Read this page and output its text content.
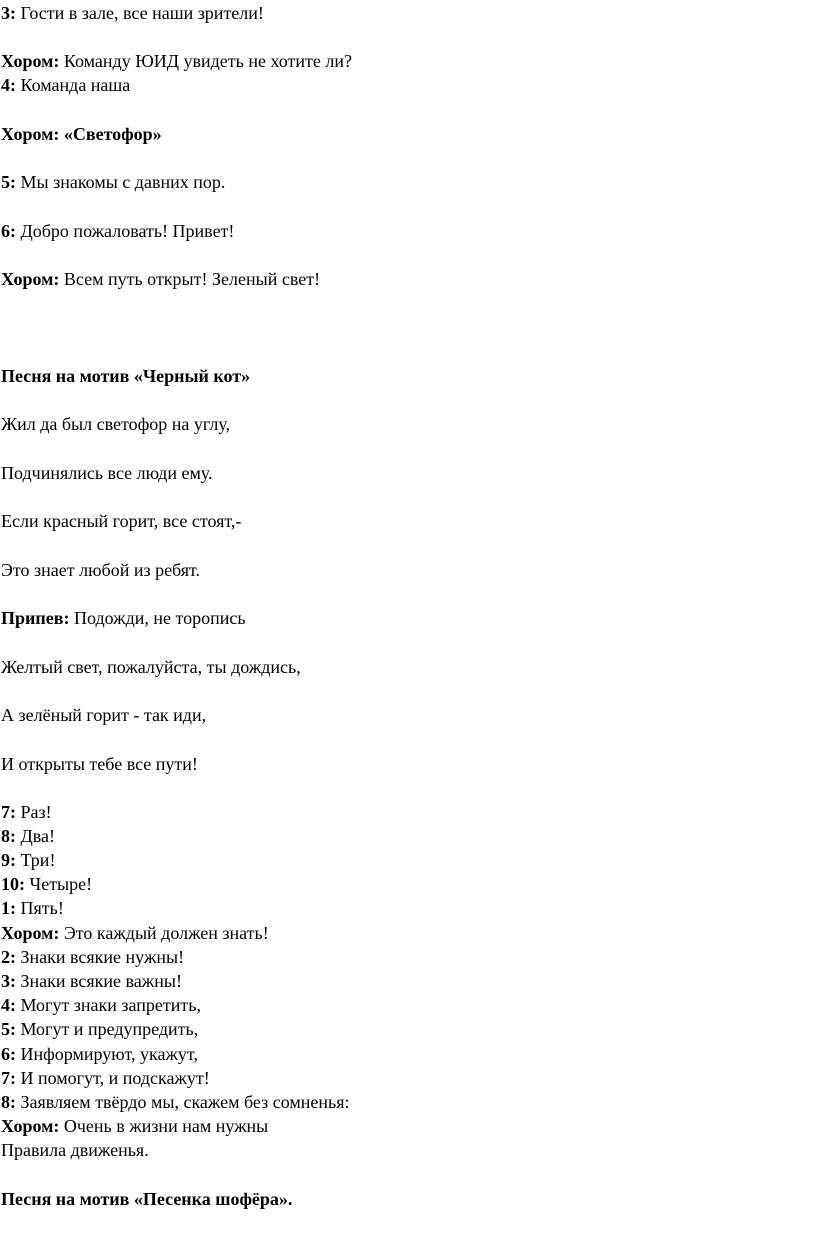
3: Гости в зале, все наши зрители!
Хором: Команду ЮИД увидеть не хотите ли?
4: Команда наша
Хором: «Светофор»
5: Мы знакомы с давних пор.
6: Добро пожаловать! Привет!
Хором: Всем путь открыт! Зеленый свет!
Песня на мотив «Черный кот»
Жил да был светофор на углу,
Подчинялись все люди ему.
Если красный горит, все стоят,-
Это знает любой из ребят.
Припев: Подожди, не торопись
Желтый свет, пожалуйста, ты дождись,
А зелёный горит - так иди,
И открыты тебе все пути!
7: Раз!
8: Два!
9: Три!
10: Четыре!
1: Пять!
Хором: Это каждый должен знать!
2: Знаки всякие нужны!
3: Знаки всякие важны!
4: Могут знаки запретить,
5: Могут и предупредить,
6: Информируют, укажут,
7: И помогут, и подскажут!
8: Заявляем твёрдо мы, скажем без сомненья:
Хором: Очень в жизни нам нужны
Правила движенья.
Песня на мотив «Песенка шофёра».
